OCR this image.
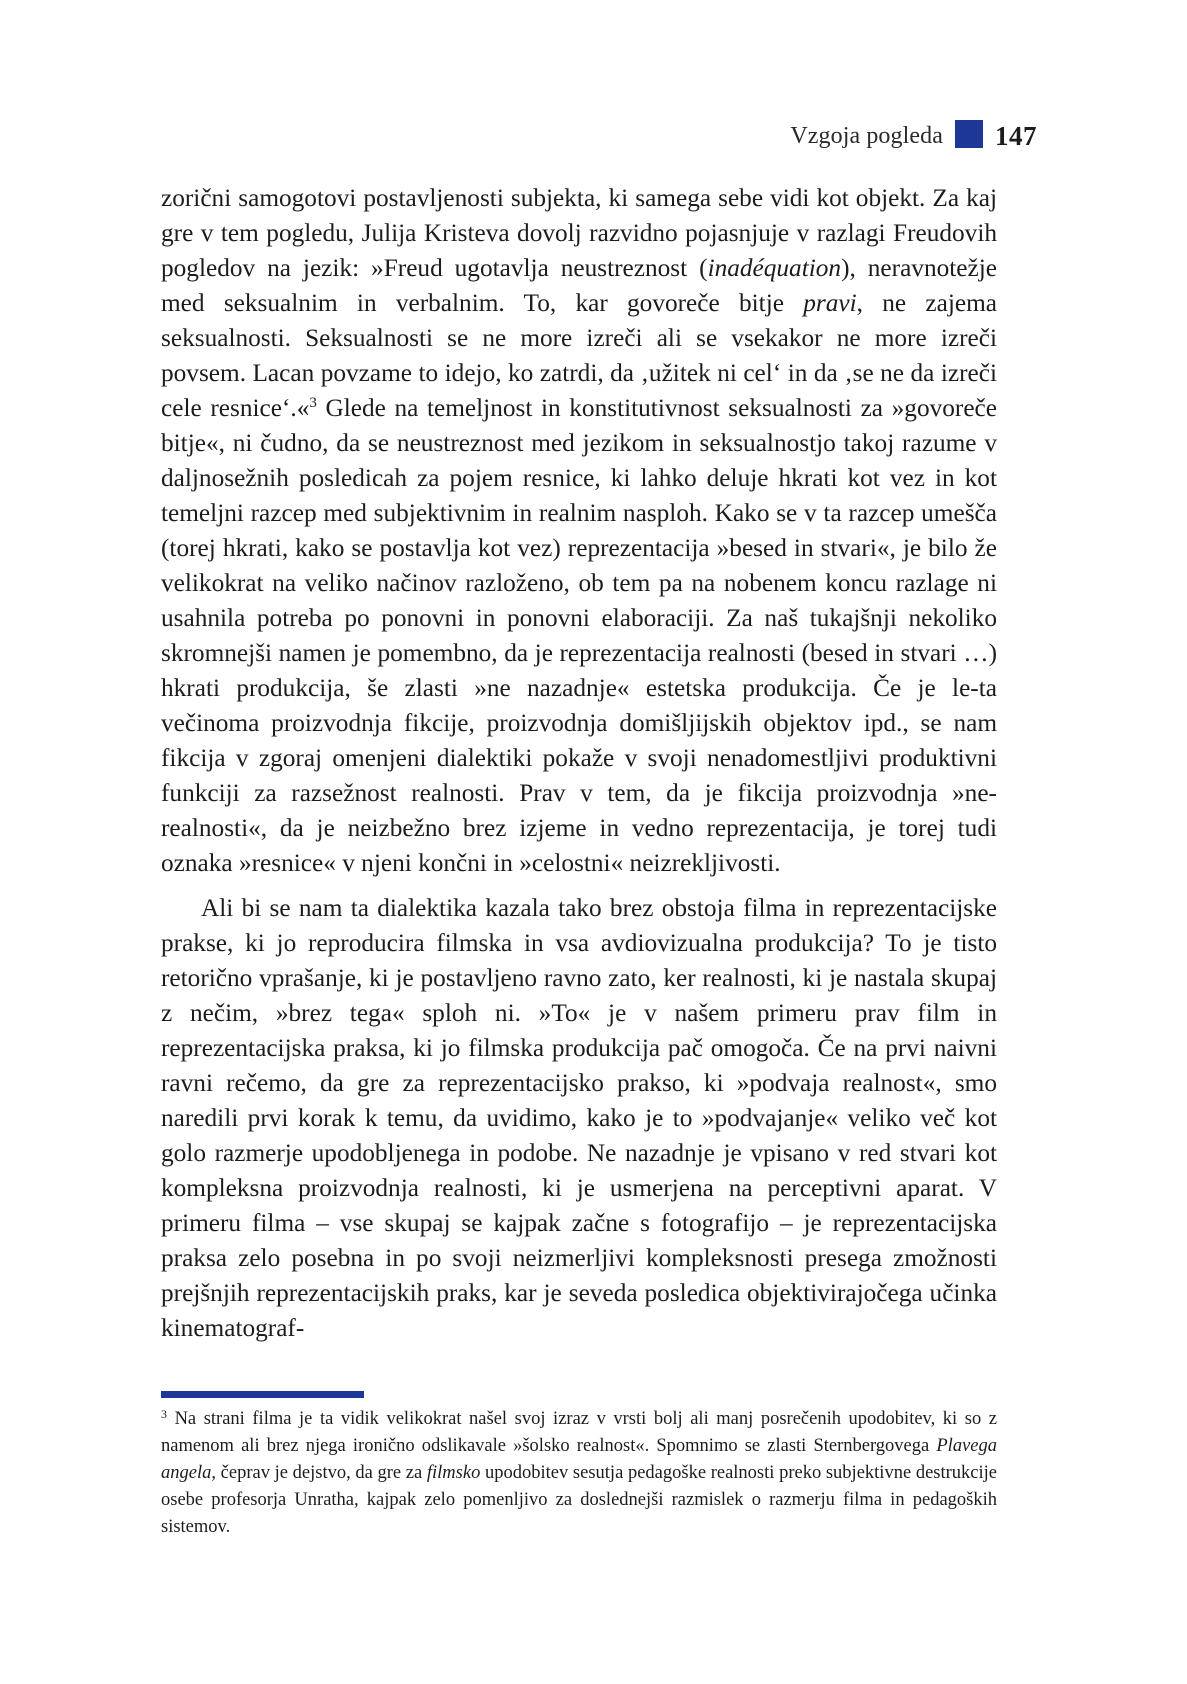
Vzgoja pogleda 147

zorični samogotovi postavljenosti subjekta, ki samega sebe vidi kot objekt. Za kaj gre v tem pogledu, Julija Kristeva dovolj razvidno pojasnjuje v razlagi Freudovih pogledov na jezik: »Freud ugotavlja neustreznost (inadéquation), neravnotežje med seksualnim in verbalnim. To, kar govoreče bitje pravi, ne zajema seksualnosti. Seksualnosti se ne more izreči ali se vsekakor ne more izreči povsem. Lacan povzame to idejo, ko zatrdi, da ‚užitek ni cel‘ in da ‚se ne da izreči cele resnice‘.«$^3$ Glede na temeljnost in konstitutivnost seksualnosti za »govoreče bitje«, ni čudno, da se neustreznost med jezikom in seksualnostjo takoj razume v daljnosežnih posledicah za pojem resnice, ki lahko deluje hkrati kot vez in kot temeljni razcep med subjektivnim in realnim nasploh. Kako se v ta razcep umešča (torej hkrati, kako se postavlja kot vez) reprezentacija »besed in stvari«, je bilo že velikokrat na veliko načinov razloženo, ob tem pa na nobenem koncu razlage ni usahnila potreba po ponovni in ponovni elaboraciji. Za naš tukajšnji nekoliko skromnejši namen je pomembno, da je reprezentacija realnosti (besed in stvari …) hkrati produkcija, še zlasti »ne nazadnje« estetska produkcija. Če je le-ta večinoma proizvodnja fikcije, proizvodnja domišljijskih objektov ipd., se nam fikcija v zgoraj omenjeni dialektiki pokaže v svoji nenadomestljivi produktivni funkciji za razsežnost realnosti. Prav v tem, da je fikcija proizvodnja »ne-realnosti«, da je neizbežno brez izjeme in vedno reprezentacija, je torej tudi oznaka »resnice« v njeni končni in »celostni« neizrekljivosti.

Ali bi se nam ta dialektika kazala tako brez obstoja filma in reprezentacijske prakse, ki jo reproducira filmska in vsa avdiovizualna produkcija? To je tisto retorično vprašanje, ki je postavljeno ravno zato, ker realnosti, ki je nastala skupaj z nečim, »brez tega« sploh ni. »To« je v našem primeru prav film in reprezentacijska praksa, ki jo filmska produkcija pač omogoča. Če na prvi naivni ravni rečemo, da gre za reprezentacijsko prakso, ki »podvaja realnost«, smo naredili prvi korak k temu, da uvidimo, kako je to »podvajanje« veliko več kot golo razmerje upodobljenega in podobe. Ne nazadnje je vpisano v red stvari kot kompleksna proizvodnja realnosti, ki je usmerjena na perceptivni aparat. V primeru filma – vse skupaj se kajpak začne s fotografijo – je reprezentacijska praksa zelo posebna in po svoji neizmerljivi kompleksnosti presega zmožnosti prejšnjih reprezentacijskih praks, kar je seveda posledica objektivirajočega učinka kinematograf-

$^3$ Na strani filma je ta vidik velikokrat našel svoj izraz v vrsti bolj ali manj posrečenih upodobitev, ki so z namenom ali brez njega ironično odslikavale »šolsko realnost«. Spomnimo se zlasti Sternbergovega Plavega angela, čeprav je dejstvo, da gre za filmsko upodobitev sesutja pedagoške realnosti preko subjektivne destrukcije osebe profesorja Unratha, kajpak zelo pomenljivo za doslednejši razmislek o razmerju filma in pedagoških sistemov.
